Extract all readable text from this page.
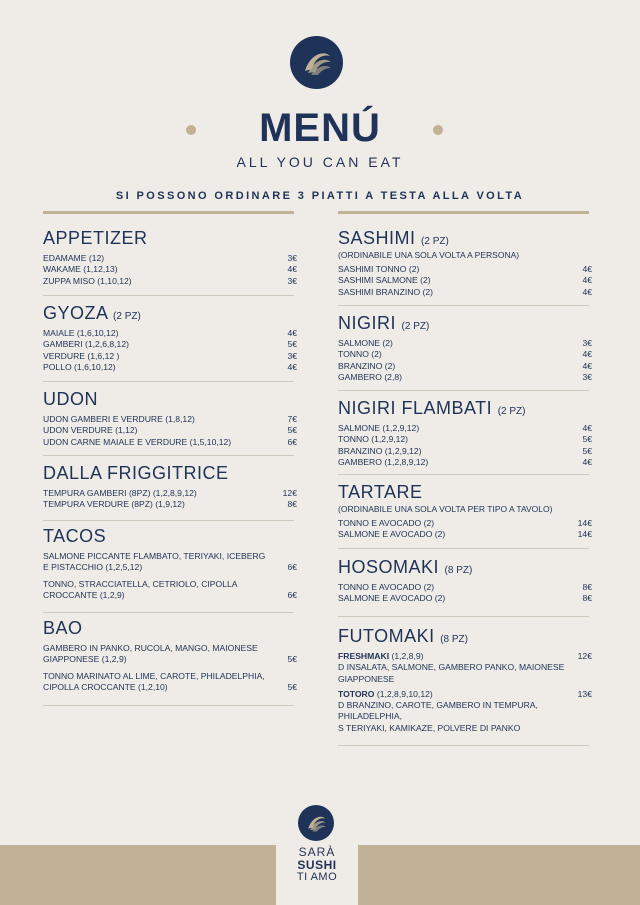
MENÚ
ALL YOU CAN EAT
SI POSSONO ORDINARE 3 PIATTI A TESTA ALLA VOLTA
FUTOMAKI (8 PZ)
FRESHMAKI (1,2,8,9)	12€
D INSALATA, SALMONE, GAMBERO PANKO, MAIONESE GIAPPONESE
TOTORO (1,2,8,9,10,12)	13€
D BRANZINO, CAROTE, GAMBERO IN TEMPURA, PHILADELPHIA,
S TERIYAKI, KAMIKAZE, POLVERE DI PANKO
SARÀ
SUSHI
TI AMO
APPETIZER
EDAMAME (12)	3€
WAKAME (1,12,13)	4€
ZUPPA MISO (1,10,12)	3€
GYOZA (2 PZ)
MAIALE (1,6,10,12)	4€
GAMBERI (1,2,6,8,12)	5€
VERDURE (1,6,12 )	3€
POLLO (1,6,10,12)	4€
UDON
UDON GAMBERI E VERDURE (1,8,12)	7€
UDON VERDURE (1,12)	5€
UDON CARNE MAIALE E VERDURE (1,5,10,12)	6€
DALLA FRIGGITRICE
TEMPURA GAMBERI (8PZ) (1,2,8,9,12)	12€
TEMPURA VERDURE (8PZ) (1,9,12)	8€
TACOS
SALMONE PICCANTE FLAMBATO, TERIYAKI, ICEBERG E PISTACCHIO (1,2,5,12)	6€
TONNO, STRACCIATELLA, CETRIOLO, CIPOLLA CROCCANTE (1,2,9)	6€
BAO
GAMBERO IN PANKO, RUCOLA, MANGO, MAIONESE GIAPPONESE (1,2,9)	5€
TONNO MARINATO AL LIME, CAROTE, PHILADELPHIA, CIPOLLA CROCCANTE (1,2,10)	5€
SASHIMI (2 PZ)
(ORDINABILE UNA SOLA VOLTA A PERSONA)
SASHIMI TONNO (2)	4€
SASHIMI SALMONE (2)	4€
SASHIMI BRANZINO (2)	4€
NIGIRI (2 PZ)
SALMONE (2)	3€
TONNO (2)	4€
BRANZINO (2)	4€
GAMBERO (2,8)	3€
NIGIRI FLAMBATI (2 PZ)
SALMONE (1,2,9,12)	4€
TONNO (1,2,9,12)	5€
BRANZINO (1,2,9,12)	5€
GAMBERO (1,2,8,9,12)	4€
TARTARE
(ORDINABILE UNA SOLA VOLTA PER TIPO A TAVOLO)
TONNO E AVOCADO (2)	14€
SALMONE E AVOCADO (2)	14€
HOSOMAKI (8 PZ)
TONNO E AVOCADO (2)	8€
SALMONE E AVOCADO (2)	8€
